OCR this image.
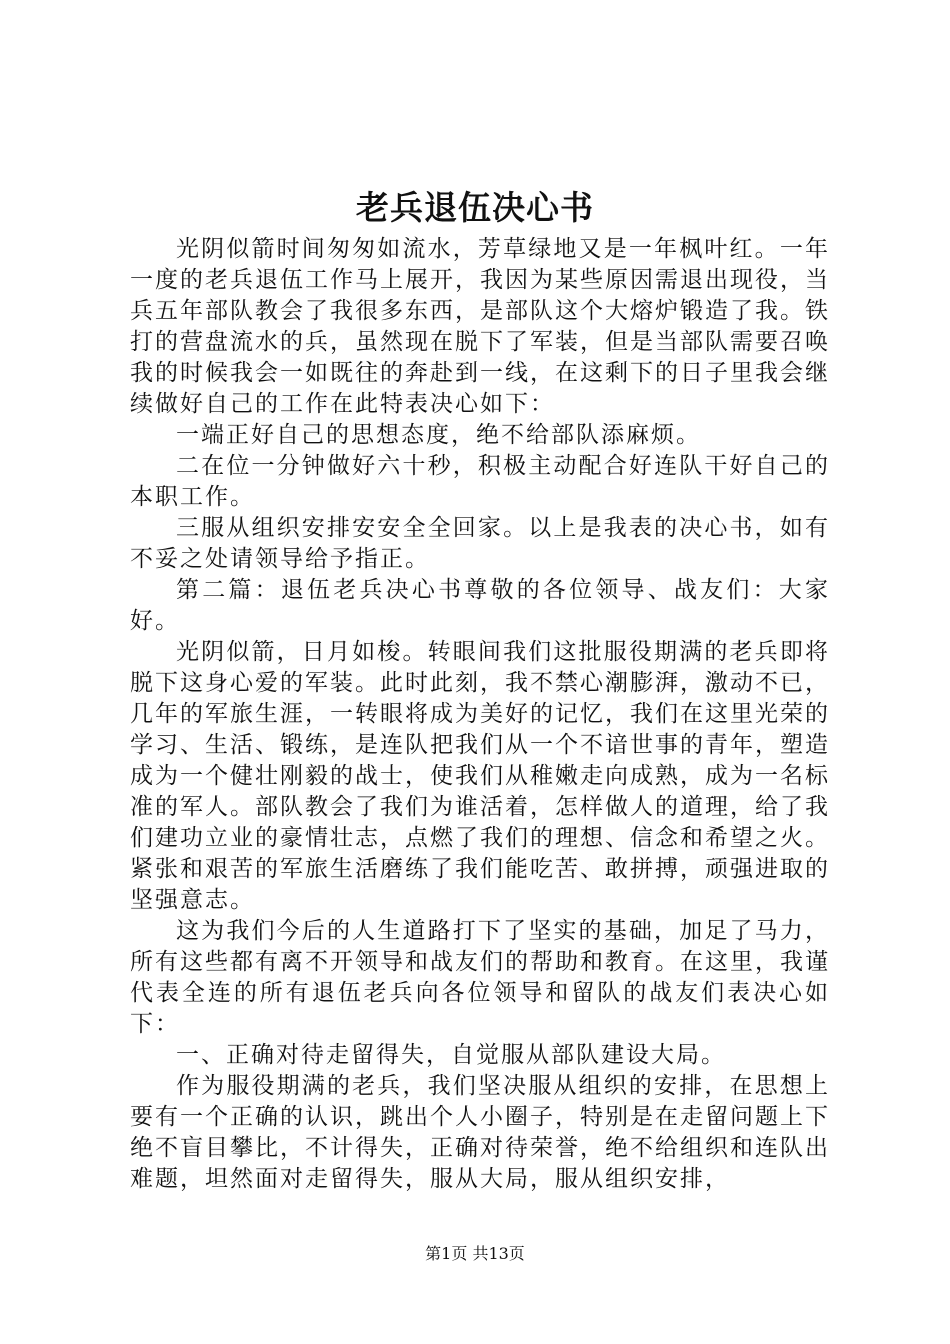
老兵退伍决心书

光阴似箭时间匆匆如流水，芳草绿地又是一年枫叶红。一年一度的老兵退伍工作马上展开，我因为某些原因需退出现役，当兵五年部队教会了我很多东西，是部队这个大熔炉锻造了我。铁打的营盘流水的兵，虽然现在脱下了军装，但是当部队需要召唤我的时候我会一如既往的奔赴到一线，在这剩下的日子里我会继续做好自己的工作在此特表决心如下：

一端正好自己的思想态度，绝不给部队添麻烦。

二在位一分钟做好六十秒，积极主动配合好连队干好自己的本职工作。

三服从组织安排安安全全回家。以上是我表的决心书，如有不妥之处请领导给予指正。

第二篇：退伍老兵决心书尊敬的各位领导、战友们：大家好。

光阴似箭，日月如梭。转眼间我们这批服役期满的老兵即将脱下这身心爱的军装。此时此刻，我不禁心潮膨湃，激动不已，几年的军旅生涯，一转眼将成为美好的记忆，我们在这里光荣的学习、生活、锻练，是连队把我们从一个不谙世事的青年，塑造成为一个健壮刚毅的战士，使我们从稚嫩走向成熟，成为一名标准的军人。部队教会了我们为谁活着，怎样做人的道理，给了我们建功立业的豪情壮志，点燃了我们的理想、信念和希望之火。紧张和艰苦的军旅生活磨练了我们能吃苦、敢拼搏，顽强进取的坚强意志。

这为我们今后的人生道路打下了坚实的基础，加足了马力，所有这些都有离不开领导和战友们的帮助和教育。在这里，我谨代表全连的所有退伍老兵向各位领导和留队的战友们表决心如下：

一、正确对待走留得失，自觉服从部队建设大局。

作为服役期满的老兵，我们坚决服从组织的安排，在思想上要有一个正确的认识，跳出个人小圈子，特别是在走留问题上下绝不盲目攀比，不计得失，正确对待荣誉，绝不给组织和连队出难题，坦然面对走留得失，服从大局，服从组织安排，

第1页 共13页
